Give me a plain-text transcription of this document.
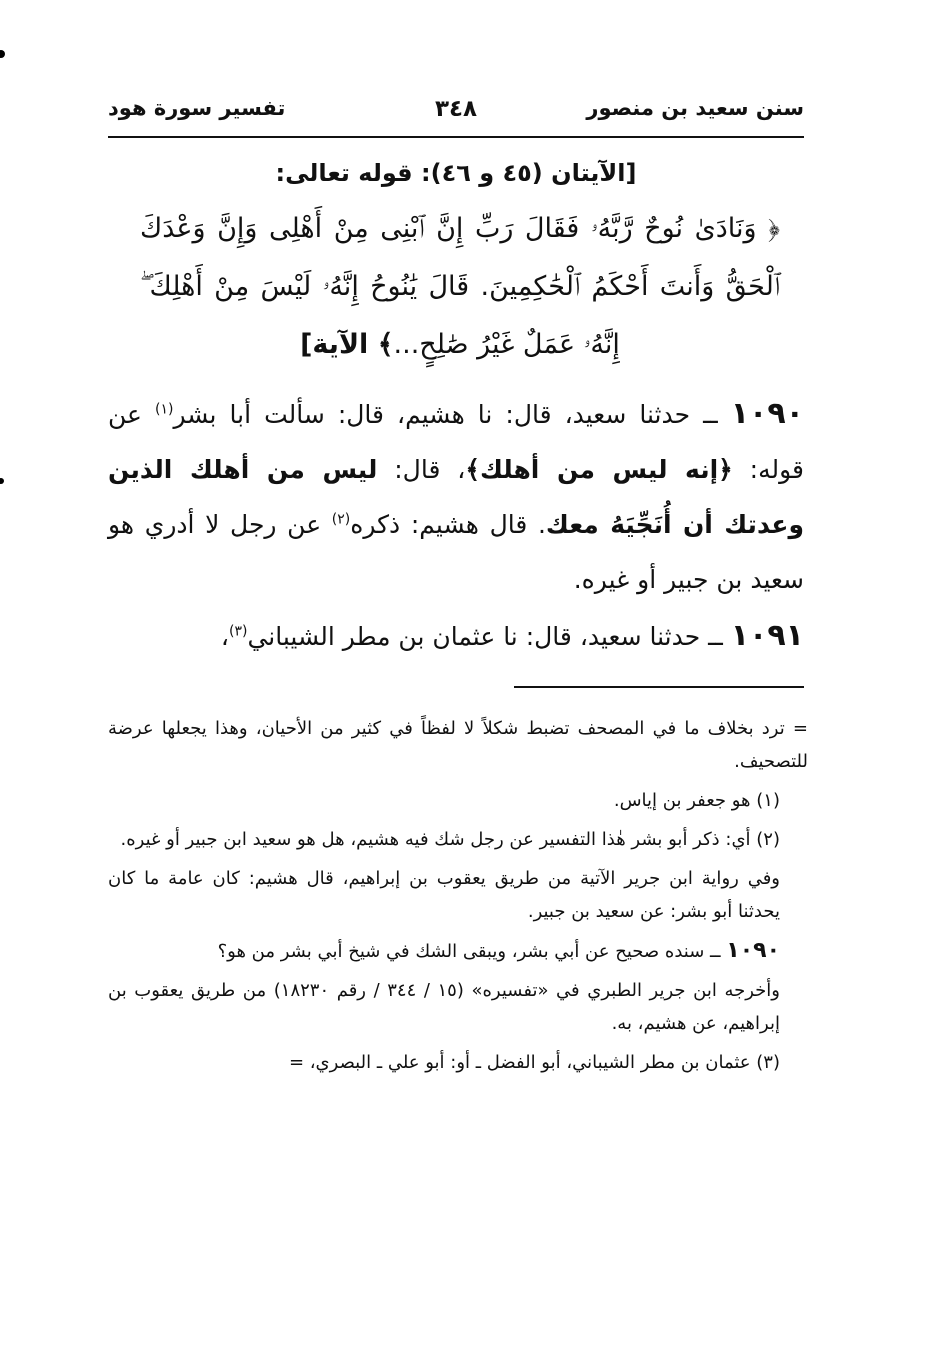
سنن سعيد بن منصور
٣٤٨
تفسير سورة هود
[الآيتان (٤٥ و ٤٦): قوله تعالى:
﴿ وَنَادَىٰ نُوحٌ رَّبَّهُۥ فَقَالَ رَبِّ إِنَّ ٱبْنِى مِنْ أَهْلِى وَإِنَّ وَعْدَكَ ٱلْحَقُّ وَأَنتَ أَحْكَمُ ٱلْحَٰكِمِينَ. قَالَ يَٰنُوحُ إِنَّهُۥ لَيْسَ مِنْ أَهْلِكَ ۖ إِنَّهُۥ عَمَلٌ غَيْرُ صَٰلِحٍ...﴾ الآية]
١٠٩٠ ــ حدثنا سعيد، قال: نا هشيم، قال: سألت أبا بشر$^{(١)}$ عن قوله: ﴿إنه ليس من أهلك﴾، قال: ليس من أهلك الذين وعدتك أن أُنَجِّيَهُ معك. قال هشيم: ذكره$^{(٢)}$ عن رجل لا أدري هو سعيد بن جبير أو غيره.
١٠٩١ ــ حدثنا سعيد، قال: نا عثمان بن مطر الشيباني$^{(٣)}$،

= ترد بخلاف ما في المصحف تضبط شكلاً لا لفظاً في كثير من الأحيان، وهذا يجعلها عرضة للتصحيف.

(١) هو جعفر بن إياس.

(٢) أي: ذكر أبو بشر هٰذا التفسير عن رجل شك فيه هشيم، هل هو سعيد ابن جبير أو غيره.

وفي رواية ابن جرير الآتية من طريق يعقوب بن إبراهيم، قال هشيم: كان عامة ما كان يحدثنا أبو بشر: عن سعيد بن جبير.

١٠٩٠ ــ سنده صحيح عن أبي بشر، ويبقى الشك في شيخ أبي بشر من هو؟

وأخرجه ابن جرير الطبري في «تفسيره» (١٥ / ٣٤٤ / رقم ١٨٢٣٠) من طريق يعقوب بن إبراهيم، عن هشيم، به.

(٣) عثمان بن مطر الشيباني، أبو الفضل ـ أو: أبو علي ـ البصري، =
